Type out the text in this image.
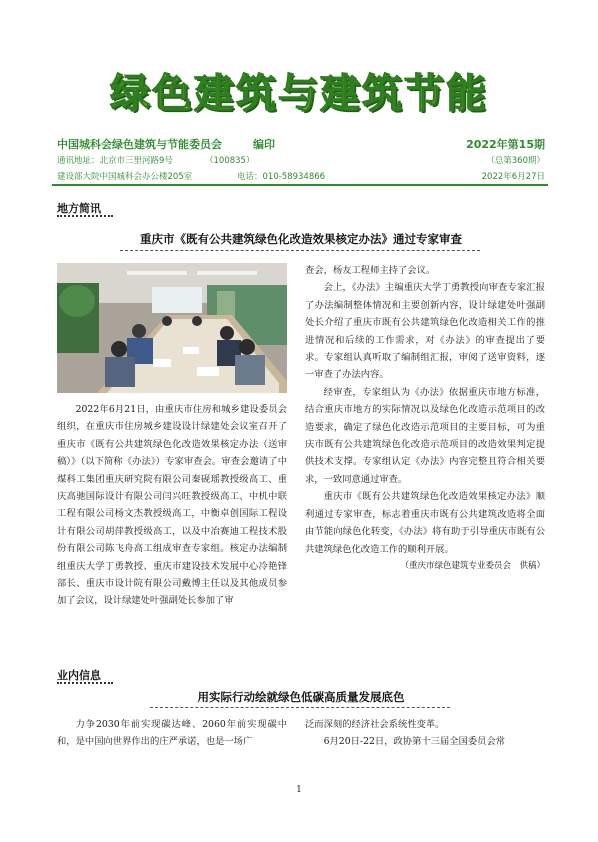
绿色建筑与建筑节能
中国城科会绿色建筑与节能委员会	编印	2022年第15期
通讯地址：北京市三里河路9号	（100835）	（总第360期）
建设部大院中国城科会办公楼205室	电话：010-58934866	2022年6月27日
地方简讯
重庆市《既有公共建筑绿色化改造效果核定办法》通过专家审查

2022年6月21日，由重庆市住房和城乡建设委员会组织，在重庆市住房城乡建设设计绿建处会议室召开了重庆市《既有公共建筑绿色化改造效果核定办法（送审稿）》（以下简称《办法》）专家审查会。审查会邀请了中煤科工集团重庆研究院有限公司秦砚瑶教授级高工、重庆高驰国际设计有限公司闫兴旺教授级高工、中机中联工程有限公司杨文杰教授级高工，中衡卓创国际工程设计有限公司胡萍教授级高工，以及中冶赛迪工程技术股份有限公司陈飞舟高工组成审查专家组。核定办法编制组重庆大学丁勇教授、重庆市建设技术发展中心冷艳锋部长、重庆市设计院有限公司戴博主任以及其他成员参加了会议，设计绿建处叶强副处长参加了审

查会，杨友工程师主持了会议。

会上，《办法》主编重庆大学丁勇教授向审查专家汇报了办法编制整体情况和主要创新内容，设计绿建处叶强副处长介绍了重庆市既有公共建筑绿色化改造相关工作的推进情况和后续的工作需求，对《办法》的审查提出了要求。专家组认真听取了编制组汇报，审阅了送审资料，逐一审查了办法内容。

经审查，专家组认为《办法》依据重庆市地方标准，结合重庆市地方的实际情况以及绿色化改造示范项目的改造要求，确定了绿色化改造示范项目的主要目标，可为重庆市既有公共建筑绿色化改造示范项目的改造效果判定提供技术支撑。专家组认定《办法》内容完整且符合相关要求，一致同意通过审查。

重庆市《既有公共建筑绿色化改造效果核定办法》顺利通过专家审查，标志着重庆市既有公共建筑改造将全面由节能向绿色化转变，《办法》将有助于引导重庆市既有公共建筑绿色化改造工作的顺利开展。

（重庆市绿色建筑专业委员会　供稿）

业内信息
用实际行动绘就绿色低碳高质量发展底色

力争2030年前实现碳达峰、2060年前实现碳中和，是中国向世界作出的庄严承诺，也是一场广

泛而深刻的经济社会系统性变革。

6月20日-22日，政协第十三届全国委员会常

1
